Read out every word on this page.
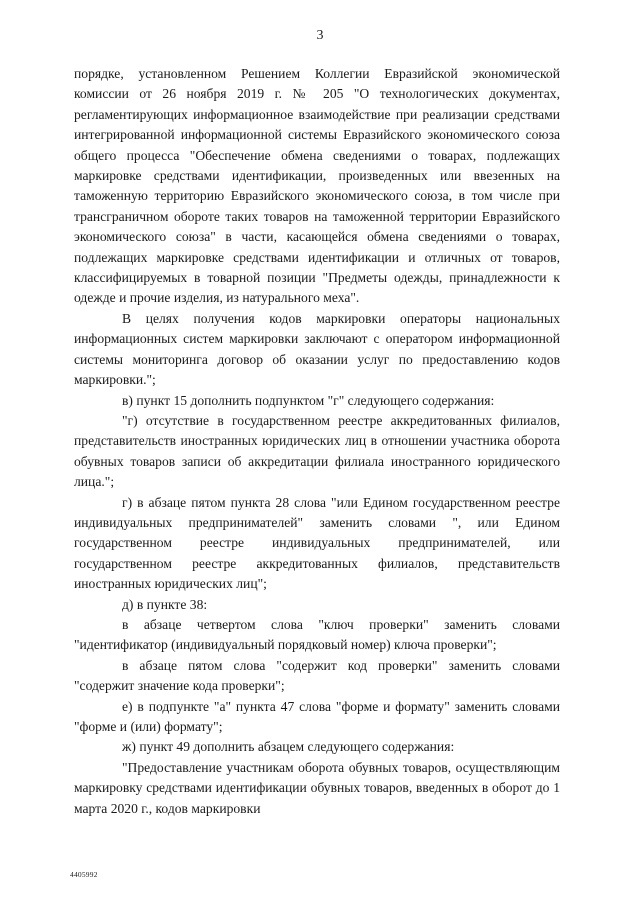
3

порядке, установленном Решением Коллегии Евразийской экономической комиссии от 26 ноября 2019 г. № 205 "О технологических документах, регламентирующих информационное взаимодействие при реализации средствами интегрированной информационной системы Евразийского экономического союза общего процесса "Обеспечение обмена сведениями о товарах, подлежащих маркировке средствами идентификации, произведенных или ввезенных на таможенную территорию Евразийского экономического союза, в том числе при трансграничном обороте таких товаров на таможенной территории Евразийского экономического союза" в части, касающейся обмена сведениями о товарах, подлежащих маркировке средствами идентификации и отличных от товаров, классифицируемых в товарной позиции "Предметы одежды, принадлежности к одежде и прочие изделия, из натурального меха".

В целях получения кодов маркировки операторы национальных информационных систем маркировки заключают с оператором информационной системы мониторинга договор об оказании услуг по предоставлению кодов маркировки.";

в) пункт 15 дополнить подпунктом "г" следующего содержания:

"г) отсутствие в государственном реестре аккредитованных филиалов, представительств иностранных юридических лиц в отношении участника оборота обувных товаров записи об аккредитации филиала иностранного юридического лица.";

г) в абзаце пятом пункта 28 слова "или Едином государственном реестре индивидуальных предпринимателей" заменить словами ", или Едином государственном реестре индивидуальных предпринимателей, или государственном реестре аккредитованных филиалов, представительств иностранных юридических лиц";

д) в пункте 38:

в абзаце четвертом слова "ключ проверки" заменить словами "идентификатор (индивидуальный порядковый номер) ключа проверки";

в абзаце пятом слова "содержит код проверки" заменить словами "содержит значение кода проверки";

е) в подпункте "а" пункта 47 слова "форме и формату" заменить словами "форме и (или) формату";

ж) пункт 49 дополнить абзацем следующего содержания:

"Предоставление участникам оборота обувных товаров, осуществляющим маркировку средствами идентификации обувных товаров, введенных в оборот до 1 марта 2020 г., кодов маркировки

4405992
